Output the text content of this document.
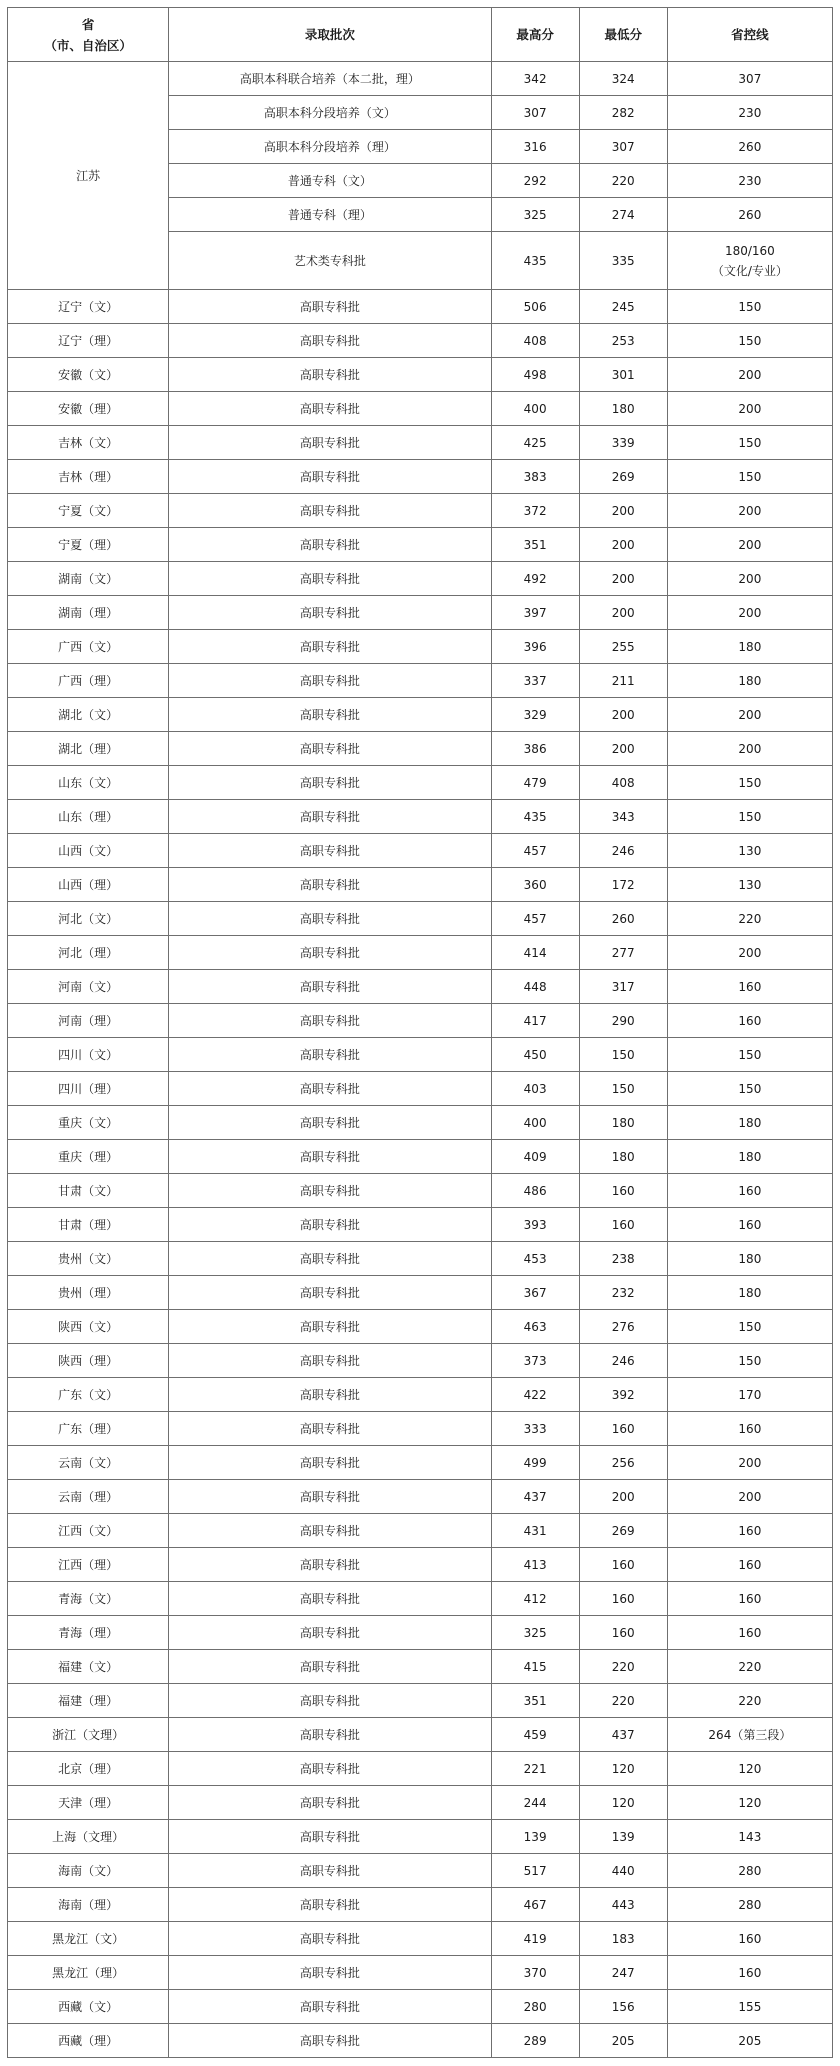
省
（市、自治区）	录取批次	最高分	最低分	省控线
江苏	高职本科联合培养（本二批，理）	342	324	307
	高职本科分段培养（文）	307	282	230
	高职本科分段培养（理）	316	307	260
	普通专科（文）	292	220	230
	普通专科（理）	325	274	260
	艺术类专科批	435	335	180/160
（文化/专业）
辽宁（文）	高职专科批	506	245	150
辽宁（理）	高职专科批	408	253	150
安徽（文）	高职专科批	498	301	200
安徽（理）	高职专科批	400	180	200
吉林（文）	高职专科批	425	339	150
吉林（理）	高职专科批	383	269	150
宁夏（文）	高职专科批	372	200	200
宁夏（理）	高职专科批	351	200	200
湖南（文）	高职专科批	492	200	200
湖南（理）	高职专科批	397	200	200
广西（文）	高职专科批	396	255	180
广西（理）	高职专科批	337	211	180
湖北（文）	高职专科批	329	200	200
湖北（理）	高职专科批	386	200	200
山东（文）	高职专科批	479	408	150
山东（理）	高职专科批	435	343	150
山西（文）	高职专科批	457	246	130
山西（理）	高职专科批	360	172	130
河北（文）	高职专科批	457	260	220
河北（理）	高职专科批	414	277	200
河南（文）	高职专科批	448	317	160
河南（理）	高职专科批	417	290	160
四川（文）	高职专科批	450	150	150
四川（理）	高职专科批	403	150	150
重庆（文）	高职专科批	400	180	180
重庆（理）	高职专科批	409	180	180
甘肃（文）	高职专科批	486	160	160
甘肃（理）	高职专科批	393	160	160
贵州（文）	高职专科批	453	238	180
贵州（理）	高职专科批	367	232	180
陕西（文）	高职专科批	463	276	150
陕西（理）	高职专科批	373	246	150
广东（文）	高职专科批	422	392	170
广东（理）	高职专科批	333	160	160
云南（文）	高职专科批	499	256	200
云南（理）	高职专科批	437	200	200
江西（文）	高职专科批	431	269	160
江西（理）	高职专科批	413	160	160
青海（文）	高职专科批	412	160	160
青海（理）	高职专科批	325	160	160
福建（文）	高职专科批	415	220	220
福建（理）	高职专科批	351	220	220
浙江（文理）	高职专科批	459	437	264（第三段）
北京（理）	高职专科批	221	120	120
天津（理）	高职专科批	244	120	120
上海（文理）	高职专科批	139	139	143
海南（文）	高职专科批	517	440	280
海南（理）	高职专科批	467	443	280
黑龙江（文）	高职专科批	419	183	160
黑龙江（理）	高职专科批	370	247	160
西藏（文）	高职专科批	280	156	155
西藏（理）	高职专科批	289	205	205
